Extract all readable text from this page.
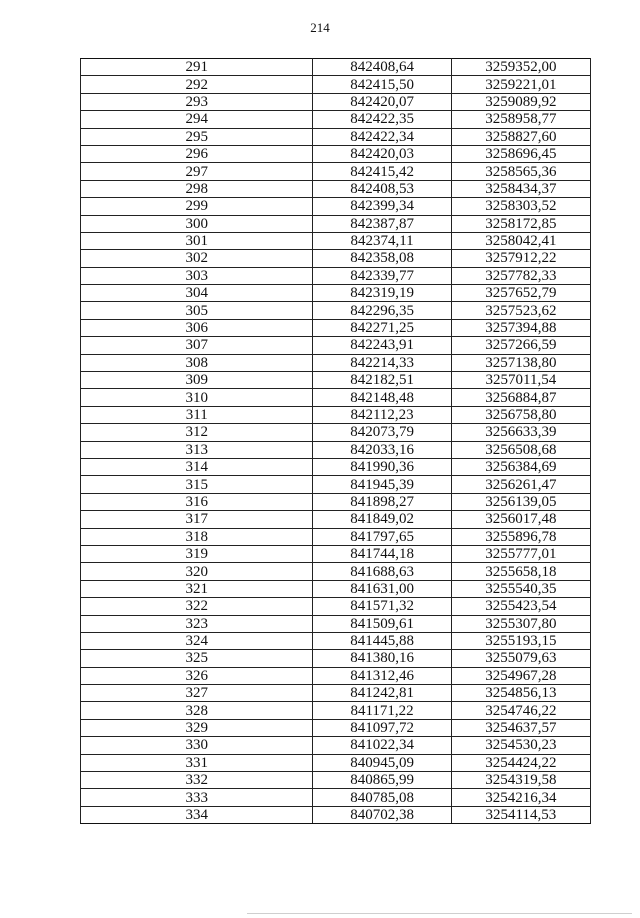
214
291	842408,64	3259352,00
292	842415,50	3259221,01
293	842420,07	3259089,92
294	842422,35	3258958,77
295	842422,34	3258827,60
296	842420,03	3258696,45
297	842415,42	3258565,36
298	842408,53	3258434,37
299	842399,34	3258303,52
300	842387,87	3258172,85
301	842374,11	3258042,41
302	842358,08	3257912,22
303	842339,77	3257782,33
304	842319,19	3257652,79
305	842296,35	3257523,62
306	842271,25	3257394,88
307	842243,91	3257266,59
308	842214,33	3257138,80
309	842182,51	3257011,54
310	842148,48	3256884,87
311	842112,23	3256758,80
312	842073,79	3256633,39
313	842033,16	3256508,68
314	841990,36	3256384,69
315	841945,39	3256261,47
316	841898,27	3256139,05
317	841849,02	3256017,48
318	841797,65	3255896,78
319	841744,18	3255777,01
320	841688,63	3255658,18
321	841631,00	3255540,35
322	841571,32	3255423,54
323	841509,61	3255307,80
324	841445,88	3255193,15
325	841380,16	3255079,63
326	841312,46	3254967,28
327	841242,81	3254856,13
328	841171,22	3254746,22
329	841097,72	3254637,57
330	841022,34	3254530,23
331	840945,09	3254424,22
332	840865,99	3254319,58
333	840785,08	3254216,34
334	840702,38	3254114,53
